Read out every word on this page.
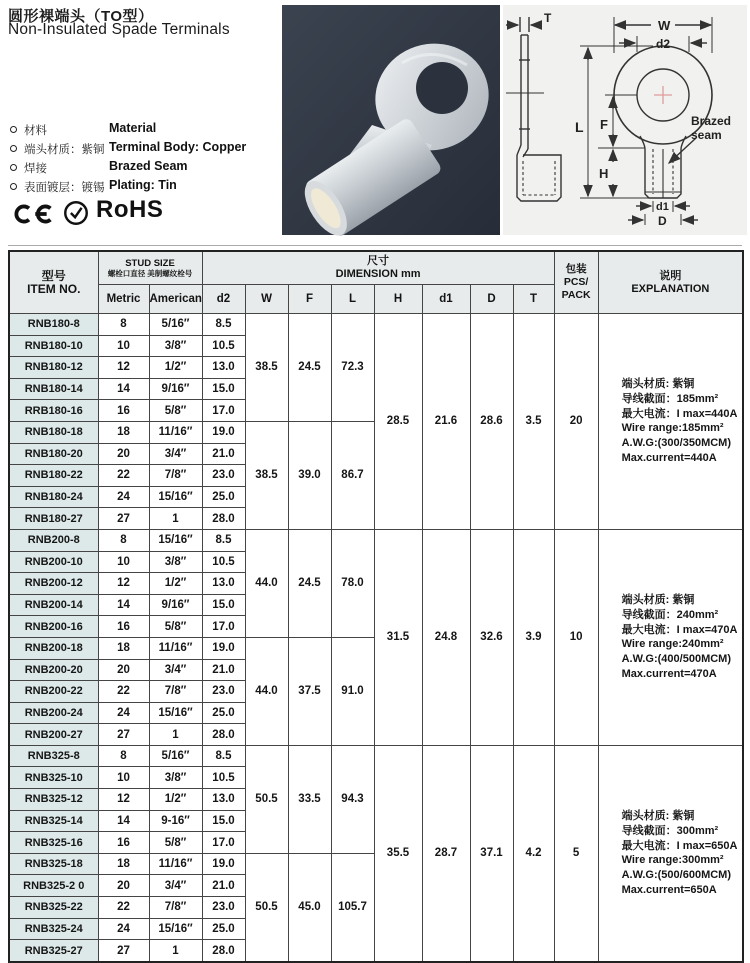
圆形裸端头（TO型）
Non-Insulated Spade Terminals
T	W
d2
L F
H
d1
D
Brazed
seam
材料	Material
端头材质：紫铜 Terminal Body: Copper
焊接	Brazed Seam
表面镀层：镀锡 Plating: Tin
RoHS
型号
ITEM NO.

STUD SIZE
螺栓口直径 美制螺纹栓号

尺寸
DIMENSION mm	包装
PCS/
PACK

说明
EXPLANATION

	Metric	American	d2	W	F	L	H	d1	D	T		
RNB180-8	8	5/16″	8.5	38.5	24.5	72.3	28.5	21.6	28.6	3.5	20	
端头材质: 紫铜
导线截面：185mm²
最大电流：I max=440A
Wire range:185mm²
A.W.G:(300/350MCM)
Max.current=440A

RNB180-10	10	3/8″	10.5									
RNB180-12	12	1/2″	13.0									
RNB180-14	14	9/16″	15.0									
RRB180-16	16	5/8″	17.0									
RNB180-18	18	11/16″	19.0	38.5	39.0	86.7						
RNB180-20	20	3/4″	21.0									
RNB180-22	22	7/8″	23.0									
RNB180-24	24	15/16″	25.0									
RNB180-27	27	1	28.0									
RNB200-8	8	15/16″	8.5	44.0	24.5	78.0	31.5	24.8	32.6	3.9	10	
端头材质: 紫铜
导线截面：240mm²
最大电流：I max=470A
Wire range:240mm²
A.W.G:(400/500MCM)
Max.current=470A

RNB200-10	10	3/8″	10.5									
RNB200-12	12	1/2″	13.0									
RNB200-14	14	9/16″	15.0									
RNB200-16	16	5/8″	17.0									
RNB200-18	18	11/16″	19.0	44.0	37.5	91.0						
RNB200-20	20	3/4″	21.0									
RNB200-22	22	7/8″	23.0									
RNB200-24	24	15/16″	25.0									
RNB200-27	27	1	28.0									
RNB325-8	8	5/16″	8.5	50.5	33.5	94.3	35.5	28.7	37.1	4.2	5	
端头材质: 紫铜
导线截面：300mm²
最大电流：I max=650A
Wire range:300mm²
A.W.G:(500/600MCM)
Max.current=650A

RNB325-10	10	3/8″	10.5									
RNB325-12	12	1/2″	13.0									
RNB325-14	14	9-16″	15.0									
RNB325-16	16	5/8″	17.0									
RNB325-18	18	11/16″	19.0	50.5	45.0	105.7						
RNB325-2 0	20	3/4″	21.0									
RNB325-22	22	7/8″	23.0									
RNB325-24	24	15/16″	25.0									
RNB325-27	27	1	28.0									
